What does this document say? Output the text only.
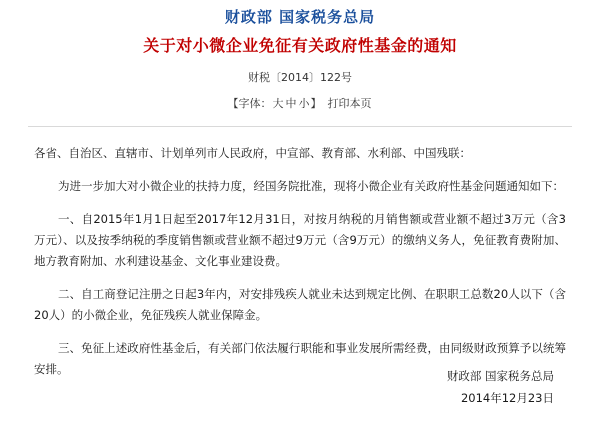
财政部 国家税务总局
关于对小微企业免征有关政府性基金的通知
财税〔2014〕122号
【字体：大 中 小】 打印本页

各省、自治区、直辖市、计划单列市人民政府，中宣部、教育部、水利部、中国残联：

为进一步加大对小微企业的扶持力度，经国务院批准，现将小微企业有关政府性基金问题通知如下：

一、自2015年1月1日起至2017年12月31日，对按月纳税的月销售额或营业额不超过3万元（含3万元）、以及按季纳税的季度销售额或营业额不超过9万元（含9万元）的缴纳义务人，免征教育费附加、地方教育附加、水利建设基金、文化事业建设费。

二、自工商登记注册之日起3年内，对安排残疾人就业未达到规定比例、在职职工总数20人以下（含20人）的小微企业，免征残疾人就业保障金。

三、免征上述政府性基金后，有关部门依法履行职能和事业发展所需经费，由同级财政预算予以统筹安排。	财政部 国家税务总局
2014年12月23日
